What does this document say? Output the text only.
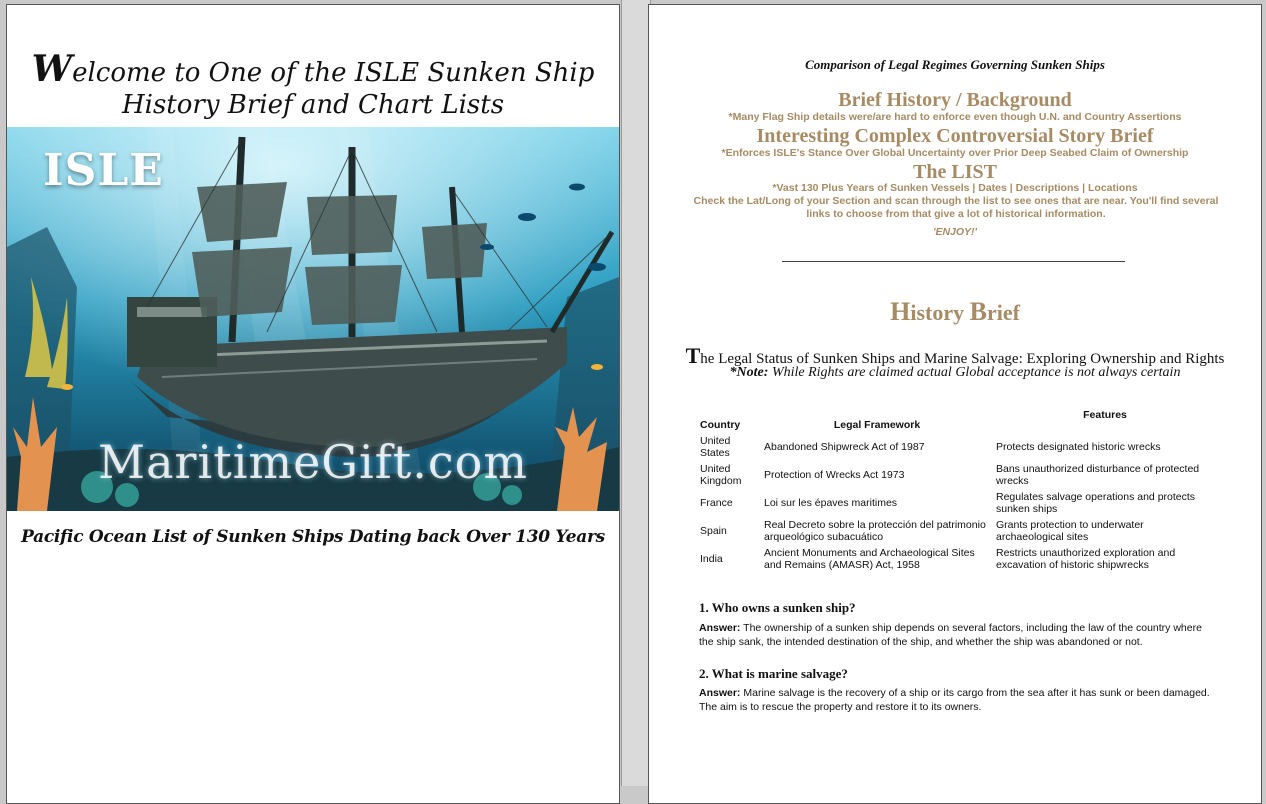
Welcome to One of the ISLE Sunken Ship
History Brief and Chart Lists
ISLE
MaritimeGift.com
Pacific Ocean List of Sunken Ships Dating back Over 130 Years
Comparison of Legal Regimes Governing Sunken Ships
Brief History / Background
*Many Flag Ship details were/are hard to enforce even though U.N. and Country Assertions
Interesting Complex Controversial Story Brief
*Enforces ISLE's Stance Over Global Uncertainty over Prior Deep Seabed Claim of Ownership
The LIST
*Vast 130 Plus Years of Sunken Vessels | Dates | Descriptions | Locations
Check the Lat/Long of your Section and scan through the list to see ones that are near. You'll find several links to choose from that give a lot of historical information.
'ENJOY!'
History Brief
The Legal Status of Sunken Ships and Marine Salvage: Exploring Ownership and Rights
*Note: While Rights are claimed actual Global acceptance is not always certain
Country	Legal Framework	Features
United States	Abandoned Shipwreck Act of 1987	Protects designated historic wrecks
United Kingdom	Protection of Wrecks Act 1973	Bans unauthorized disturbance of protected wrecks
France	Loi sur les épaves maritimes	Regulates salvage operations and protects sunken ships
Spain	Real Decreto sobre la protección del patrimonio arqueológico subacuático	Grants protection to underwater archaeological sites
India	Ancient Monuments and Archaeological Sites and Remains (AMASR) Act, 1958	Restricts unauthorized exploration and excavation of historic shipwrecks
1. Who owns a sunken ship?
Answer: The ownership of a sunken ship depends on several factors, including the law of the country where the ship sank, the intended destination of the ship, and whether the ship was abandoned or not.
2. What is marine salvage?
Answer: Marine salvage is the recovery of a ship or its cargo from the sea after it has sunk or been damaged. The aim is to rescue the property and restore it to its owners.
